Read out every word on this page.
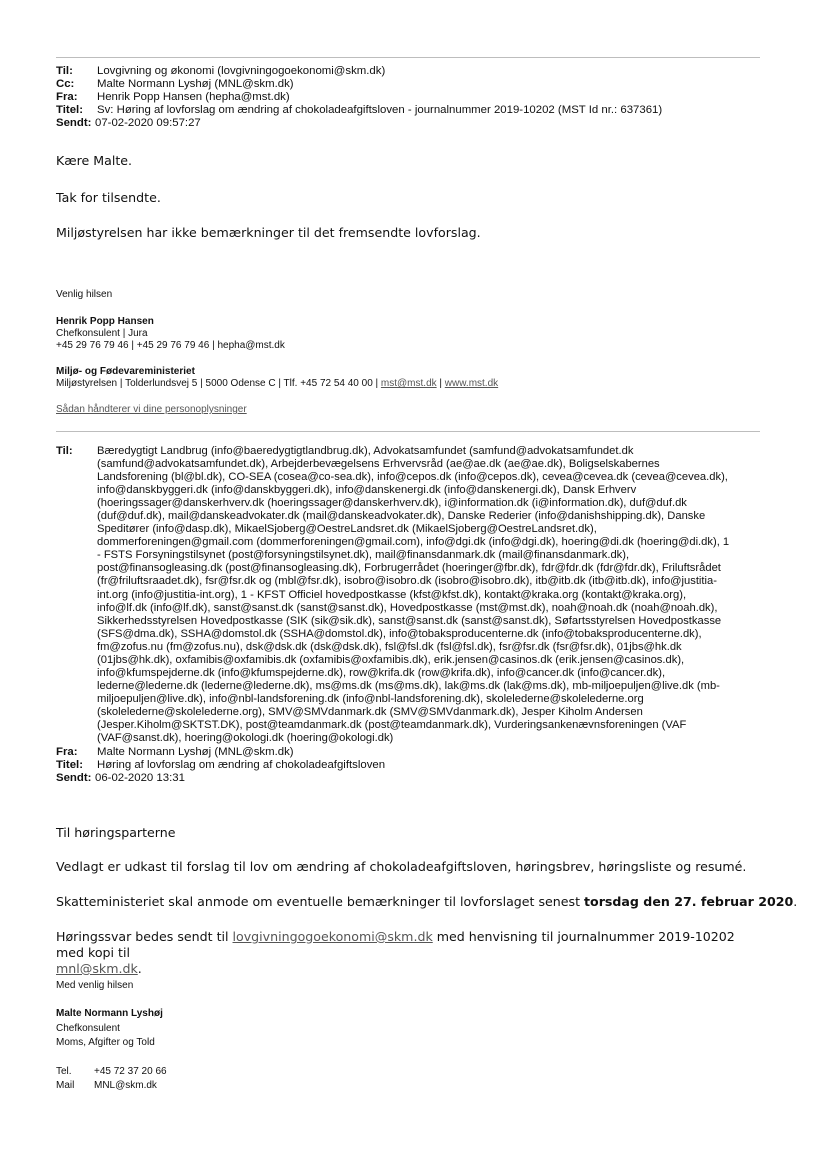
Til:	Lovgivning og økonomi (lovgivningogoekonomi@skm.dk)
Cc:	Malte Normann Lyshøj (MNL@skm.dk)
Fra:	Henrik Popp Hansen (hepha@mst.dk)
Titel:	Sv: Høring af lovforslag om ændring af chokoladeafgiftsloven - journalnummer 2019-10202 (MST Id nr.: 637361)
Sendt: 07-02-2020 09:57:27
Kære Malte.
Tak for tilsendte.
Miljøstyrelsen har ikke bemærkninger til det fremsendte lovforslag.
Venlig hilsen
Henrik Popp Hansen
Chefkonsulent | Jura
+45 29 76 79 46 | +45 29 76 79 46 | hepha@mst.dk
Miljø- og Fødevareministeriet
Miljøstyrelsen | Tolderlundsvej 5 | 5000 Odense C | Tlf. +45 72 54 40 00 | mst@mst.dk | www.mst.dk
Sådan håndterer vi dine personoplysninger
Til:	Bæredygtigt Landbrug (info@baeredygtigtlandbrug.dk), Advokatsamfundet (samfund@advokatsamfundet.dk
(samfund@advokatsamfundet.dk), Arbejderbevægelsens Erhvervsråd (ae@ae.dk (ae@ae.dk), Boligselskabernes
Landsforening (bl@bl.dk), CO-SEA (cosea@co-sea.dk), info@cepos.dk (info@cepos.dk), cevea@cevea.dk (cevea@cevea.dk),
info@danskbyggeri.dk (info@danskbyggeri.dk), info@danskenergi.dk (info@danskenergi.dk), Dansk Erhverv
(hoeringssager@danskerhverv.dk (hoeringssager@danskerhverv.dk), i@information.dk (i@information.dk), duf@duf.dk
(duf@duf.dk), mail@danskeadvokater.dk (mail@danskeadvokater.dk), Danske Rederier (info@danishshipping.dk), Danske
Speditører (info@dasp.dk), MikaelSjoberg@OestreLandsret.dk (MikaelSjoberg@OestreLandsret.dk),
dommerforeningen@gmail.com (dommerforeningen@gmail.com), info@dgi.dk (info@dgi.dk), hoering@di.dk (hoering@di.dk), 1
- FSTS Forsyningstilsynet (post@forsyningstilsynet.dk), mail@finansdanmark.dk (mail@finansdanmark.dk),
post@finansogleasing.dk (post@finansogleasing.dk), Forbrugerrådet (hoeringer@fbr.dk), fdr@fdr.dk (fdr@fdr.dk), Friluftsrådet
(fr@friluftsraadet.dk), fsr@fsr.dk og (mbl@fsr.dk), isobro@isobro.dk (isobro@isobro.dk), itb@itb.dk (itb@itb.dk), info@justitia-
int.org (info@justitia-int.org), 1 - KFST Officiel hovedpostkasse (kfst@kfst.dk), kontakt@kraka.org (kontakt@kraka.org),
info@lf.dk (info@lf.dk), sanst@sanst.dk (sanst@sanst.dk), Hovedpostkasse (mst@mst.dk), noah@noah.dk (noah@noah.dk),
Sikkerhedsstyrelsen Hovedpostkasse (SIK (sik@sik.dk), sanst@sanst.dk (sanst@sanst.dk), Søfartsstyrelsen Hovedpostkasse
(SFS@dma.dk), SSHA@domstol.dk (SSHA@domstol.dk), info@tobaksproducenterne.dk (info@tobaksproducenterne.dk),
fm@zofus.nu (fm@zofus.nu), dsk@dsk.dk (dsk@dsk.dk), fsl@fsl.dk (fsl@fsl.dk), fsr@fsr.dk (fsr@fsr.dk), 01jbs@hk.dk
(01jbs@hk.dk), oxfamibis@oxfamibis.dk (oxfamibis@oxfamibis.dk), erik.jensen@casinos.dk (erik.jensen@casinos.dk),
info@kfumspejderne.dk (info@kfumspejderne.dk), row@krifa.dk (row@krifa.dk), info@cancer.dk (info@cancer.dk),
lederne@lederne.dk (lederne@lederne.dk), ms@ms.dk (ms@ms.dk), lak@ms.dk (lak@ms.dk), mb-miljoepuljen@live.dk (mb-
miljoepuljen@live.dk), info@nbl-landsforening.dk (info@nbl-landsforening.dk), skolelederne@skolelederne.org
(skolelederne@skolelederne.org), SMV@SMVdanmark.dk (SMV@SMVdanmark.dk), Jesper Kiholm Andersen
(Jesper.Kiholm@SKTST.DK), post@teamdanmark.dk (post@teamdanmark.dk), Vurderingsankenævnsforeningen (VAF
(VAF@sanst.dk), hoering@okologi.dk (hoering@okologi.dk)
Fra:	Malte Normann Lyshøj (MNL@skm.dk)
Titel:	Høring af lovforslag om ændring af chokoladeafgiftsloven
Sendt: 06-02-2020 13:31
Til høringsparterne
Vedlagt er udkast til forslag til lov om ændring af chokoladeafgiftsloven, høringsbrev, høringsliste og resumé.
Skatteministeriet skal anmode om eventuelle bemærkninger til lovforslaget senest torsdag den 27. februar 2020.
Høringssvar bedes sendt til lovgivningogoekonomi@skm.dk med henvisning til journalnummer 2019-10202 med kopi til
mnl@skm.dk.
Med venlig hilsen
Malte Normann Lyshøj
Chefkonsulent
Moms, Afgifter og Told
Tel. +45 72 37 20 66
Mail MNL@skm.dk
